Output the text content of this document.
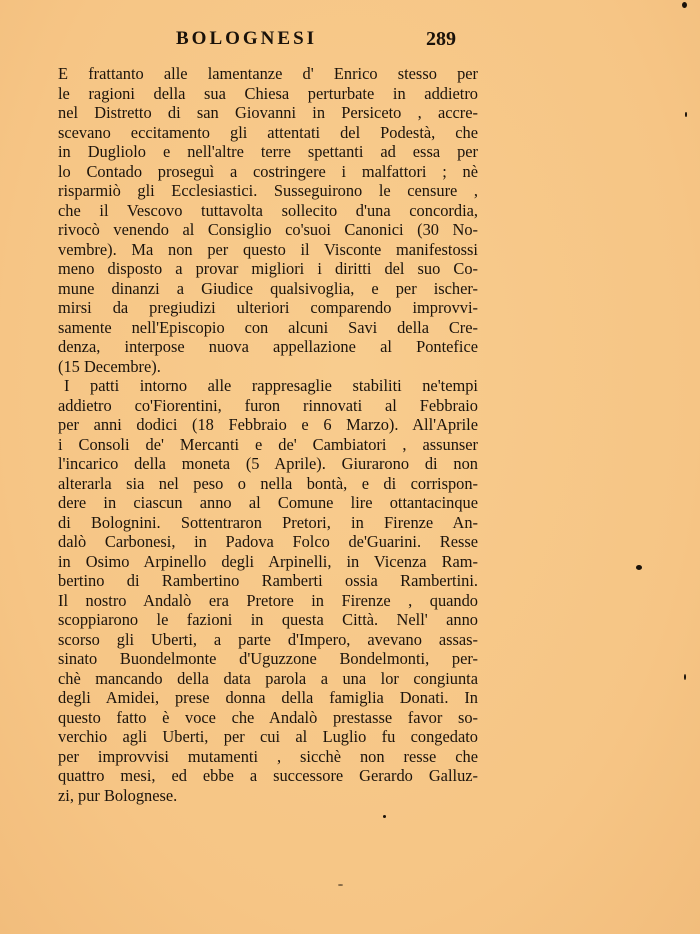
BOLOGNESI	289
E frattanto alle lamentanze d' Enrico stesso per
le ragioni della sua Chiesa perturbate in addietro
nel Distretto di san Giovanni in Persiceto , accre-
scevano eccitamento gli attentati del Podestà, che
in Dugliolo e nell'altre terre spettanti ad essa per
lo Contado proseguì a costringere i malfattori ; nè
risparmiò gli Ecclesiastici. Susseguirono le censure ,
che il Vescovo tuttavolta sollecito d'una concordia,
rivocò venendo al Consiglio co'suoi Canonici (30 No-
vembre). Ma non per questo il Visconte manifestossi
meno disposto a provar migliori i diritti del suo Co-
mune dinanzi a Giudice qualsivoglia, e per ischer-
mirsi da pregiudizi ulteriori comparendo improvvi-
samente nell'Episcopio con alcuni Savi della Cre-
denza, interpose nuova appellazione al Pontefice
(15 Decembre).
I patti intorno alle rappresaglie stabiliti ne'tempi
addietro co'Fiorentini, furon rinnovati al Febbraio
per anni dodici (18 Febbraio e 6 Marzo). All'Aprile
i Consoli de' Mercanti e de' Cambiatori , assunser
l'incarico della moneta (5 Aprile). Giurarono di non
alterarla sia nel peso o nella bontà, e di corrispon-
dere in ciascun anno al Comune lire ottantacinque
di Bolognini. Sottentraron Pretori, in Firenze An-
dalò Carbonesi, in Padova Folco de'Guarini. Resse
in Osimo Arpinello degli Arpinelli, in Vicenza Ram-
bertino di Rambertino Ramberti ossia Rambertini.
Il nostro Andalò era Pretore in Firenze , quando
scoppiarono le fazioni in questa Città. Nell' anno
scorso gli Uberti, a parte d'Impero, avevano assas-
sinato Buondelmonte d'Uguzzone Bondelmonti, per-
chè mancando della data parola a una lor congiunta
degli Amidei, prese donna della famiglia Donati. In
questo fatto è voce che Andalò prestasse favor so-
verchio agli Uberti, per cui al Luglio fu congedato
per improvvisi mutamenti , sicchè non resse che
quattro mesi, ed ebbe a successore Gerardo Galluz-
zi, pur Bolognese.
